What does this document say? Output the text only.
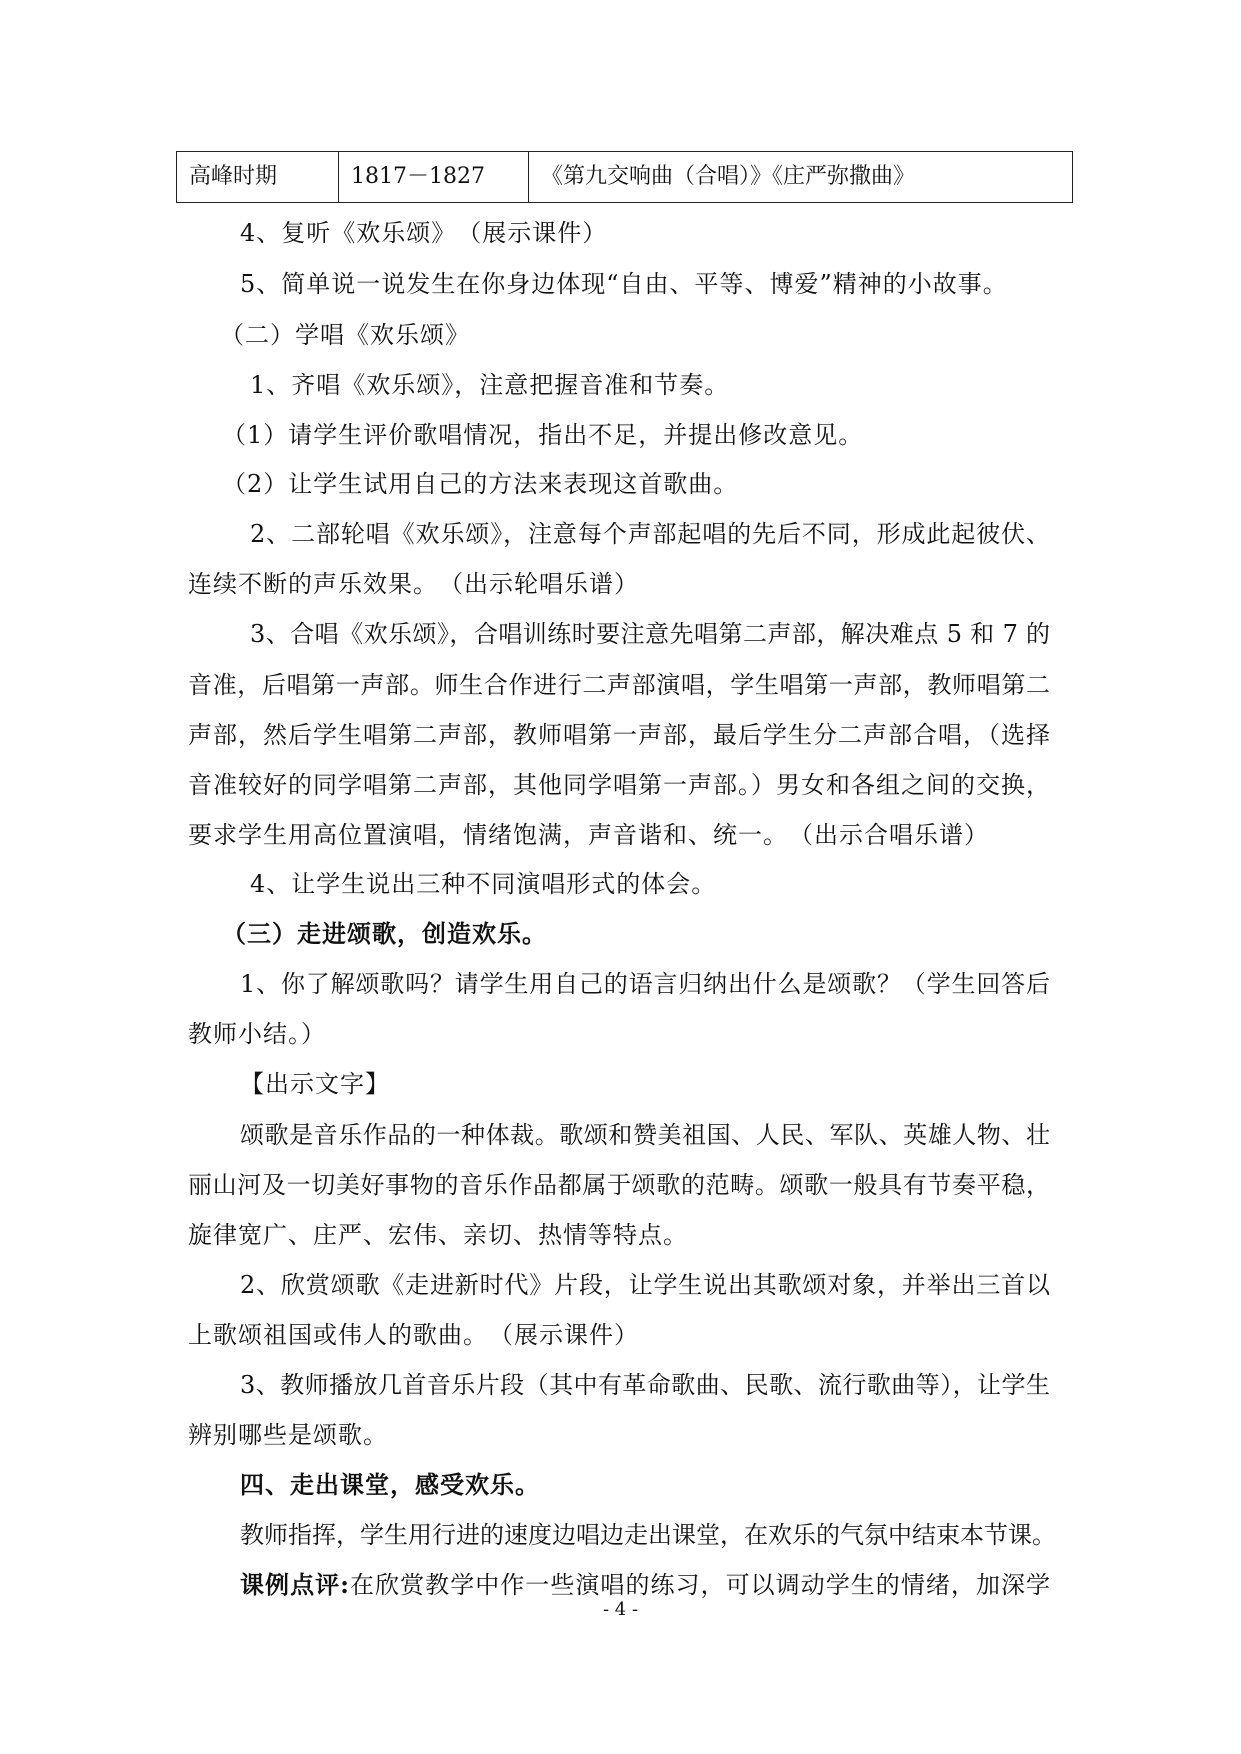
高峰时期	1817－1827	《第九交响曲（合唱）》《庄严弥撒曲》

4、复听《欢乐颂》　（展示课件）

5、简单说一说发生在你身边体现“自由、平等、博爱”精神的小故事。

（二）学唱《欢乐颂》

1、齐唱《欢乐颂》，注意把握音准和节奏。

（1）请学生评价歌唱情况，指出不足，并提出修改意见。

（2）让学生试用自己的方法来表现这首歌曲。

2、二部轮唱《欢乐颂》，注意每个声部起唱的先后不同，形成此起彼伏、

连续不断的声乐效果。　（出示轮唱乐谱）

3、合唱《欢乐颂》，合唱训练时要注意先唱第二声部，解决难点 5 和 7 的

音准，后唱第一声部。师生合作进行二声部演唱，学生唱第一声部，教师唱第二

声部，然后学生唱第二声部，教师唱第一声部，最后学生分二声部合唱，（选择

音准较好的同学唱第二声部，其他同学唱第一声部。）男女和各组之间的交换，

要求学生用高位置演唱，情绪饱满，声音谐和、统一。　（出示合唱乐谱）

4、让学生说出三种不同演唱形式的体会。

（三）走进颂歌，创造欢乐。

1、你了解颂歌吗？请学生用自己的语言归纳出什么是颂歌？（学生回答后

教师小结。）

【出示文字】

颂歌是音乐作品的一种体裁。歌颂和赞美祖国、人民、军队、英雄人物、壮

丽山河及一切美好事物的音乐作品都属于颂歌的范畴。颂歌一般具有节奏平稳，

旋律宽广、庄严、宏伟、亲切、热情等特点。

2、欣赏颂歌《走进新时代》片段，让学生说出其歌颂对象，并举出三首以

上歌颂祖国或伟人的歌曲。　（展示课件）

3、教师播放几首音乐片段（其中有革命歌曲、民歌、流行歌曲等），让学生

辨别哪些是颂歌。

四、走出课堂，感受欢乐。

教师指挥，学生用行进的速度边唱边走出课堂，在欢乐的气氛中结束本节课。

课例点评:在欣赏教学中作一些演唱的练习，可以调动学生的情绪，加深学

- 4 -
